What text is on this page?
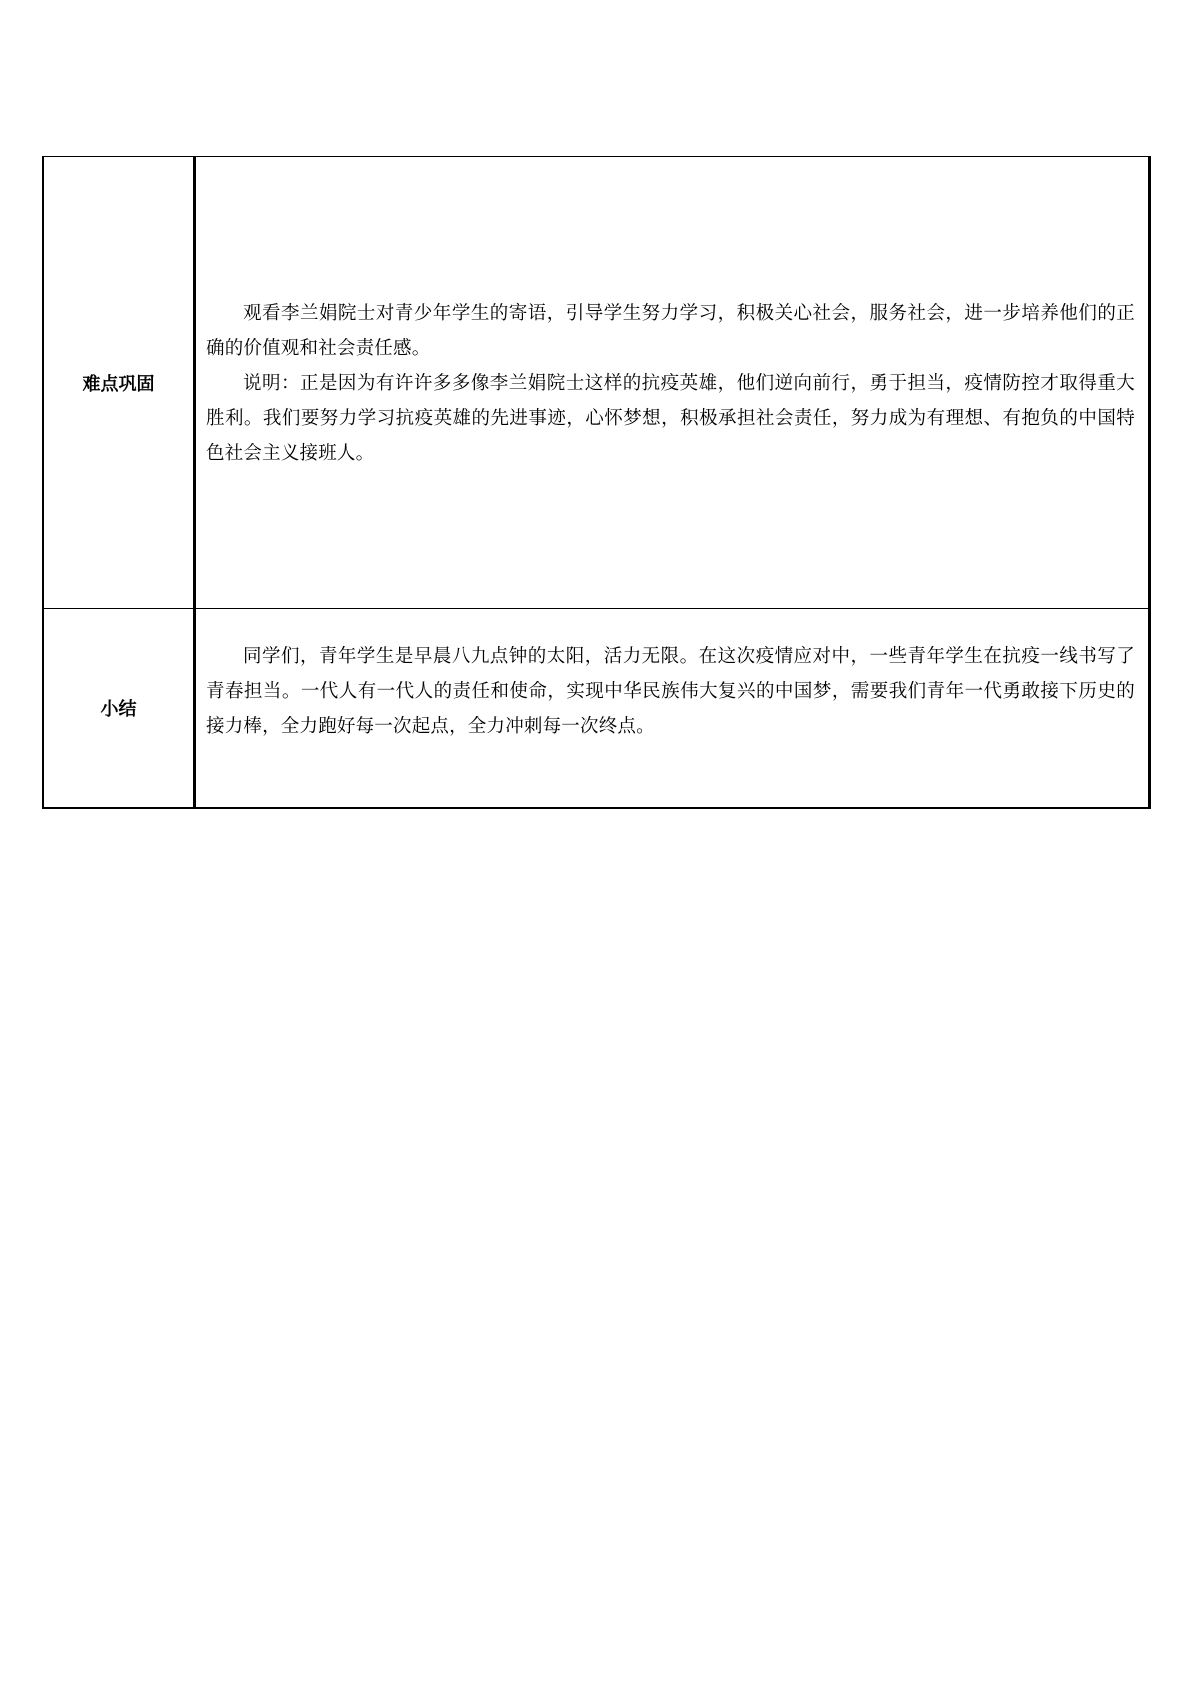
难点巩固	观看李兰娟院士对青少年学生的寄语，引导学生努力学习，积极关心社会，服务社会，进一步培养他们的正确的价值观和社会责任感。

说明：正是因为有许许多多像李兰娟院士这样的抗疫英雄，他们逆向前行，勇于担当，疫情防控才取得重大胜利。我们要努力学习抗疫英雄的先进事迹，心怀梦想，积极承担社会责任，努力成为有理想、有抱负的中国特色社会主义接班人。

小结	同学们，青年学生是早晨八九点钟的太阳，活力无限。在这次疫情应对中，一些青年学生在抗疫一线书写了青春担当。一代人有一代人的责任和使命，实现中华民族伟大复兴的中国梦，需要我们青年一代勇敢接下历史的接力棒，全力跑好每一次起点，全力冲刺每一次终点。
